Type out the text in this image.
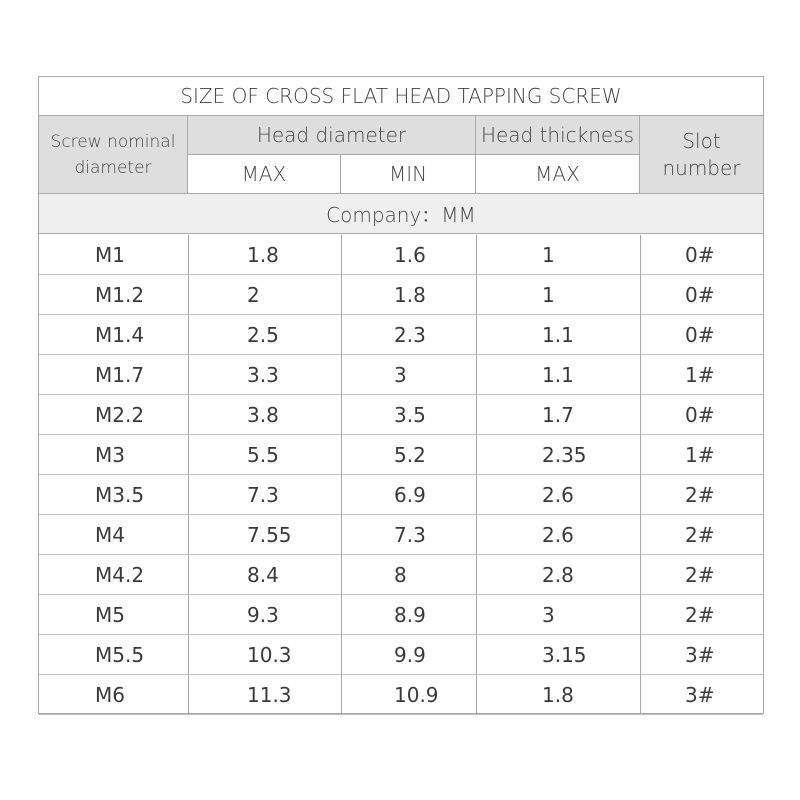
SIZE OF CROSS FLAT HEAD TAPPING SCREW
Screw nominal
diameter
Head diameter	Head thickness
MAX	MIN	MAX
Slot
number
Company：MM
M1	1.8	1.6	1	0#
M1.2	2	1.8	1	0#
M1.4	2.5	2.3	1.1	0#
M1.7	3.3	3	1.1	1#
M2.2	3.8	3.5	1.7	0#
M3	5.5	5.2	2.35	1#
M3.5	7.3	6.9	2.6	2#
M4	7.55	7.3	2.6	2#
M4.2	8.4	8	2.8	2#
M5	9.3	8.9	3	2#
M5.5	10.3	9.9	3.15	3#
M6	11.3	10.9	1.8	3#
